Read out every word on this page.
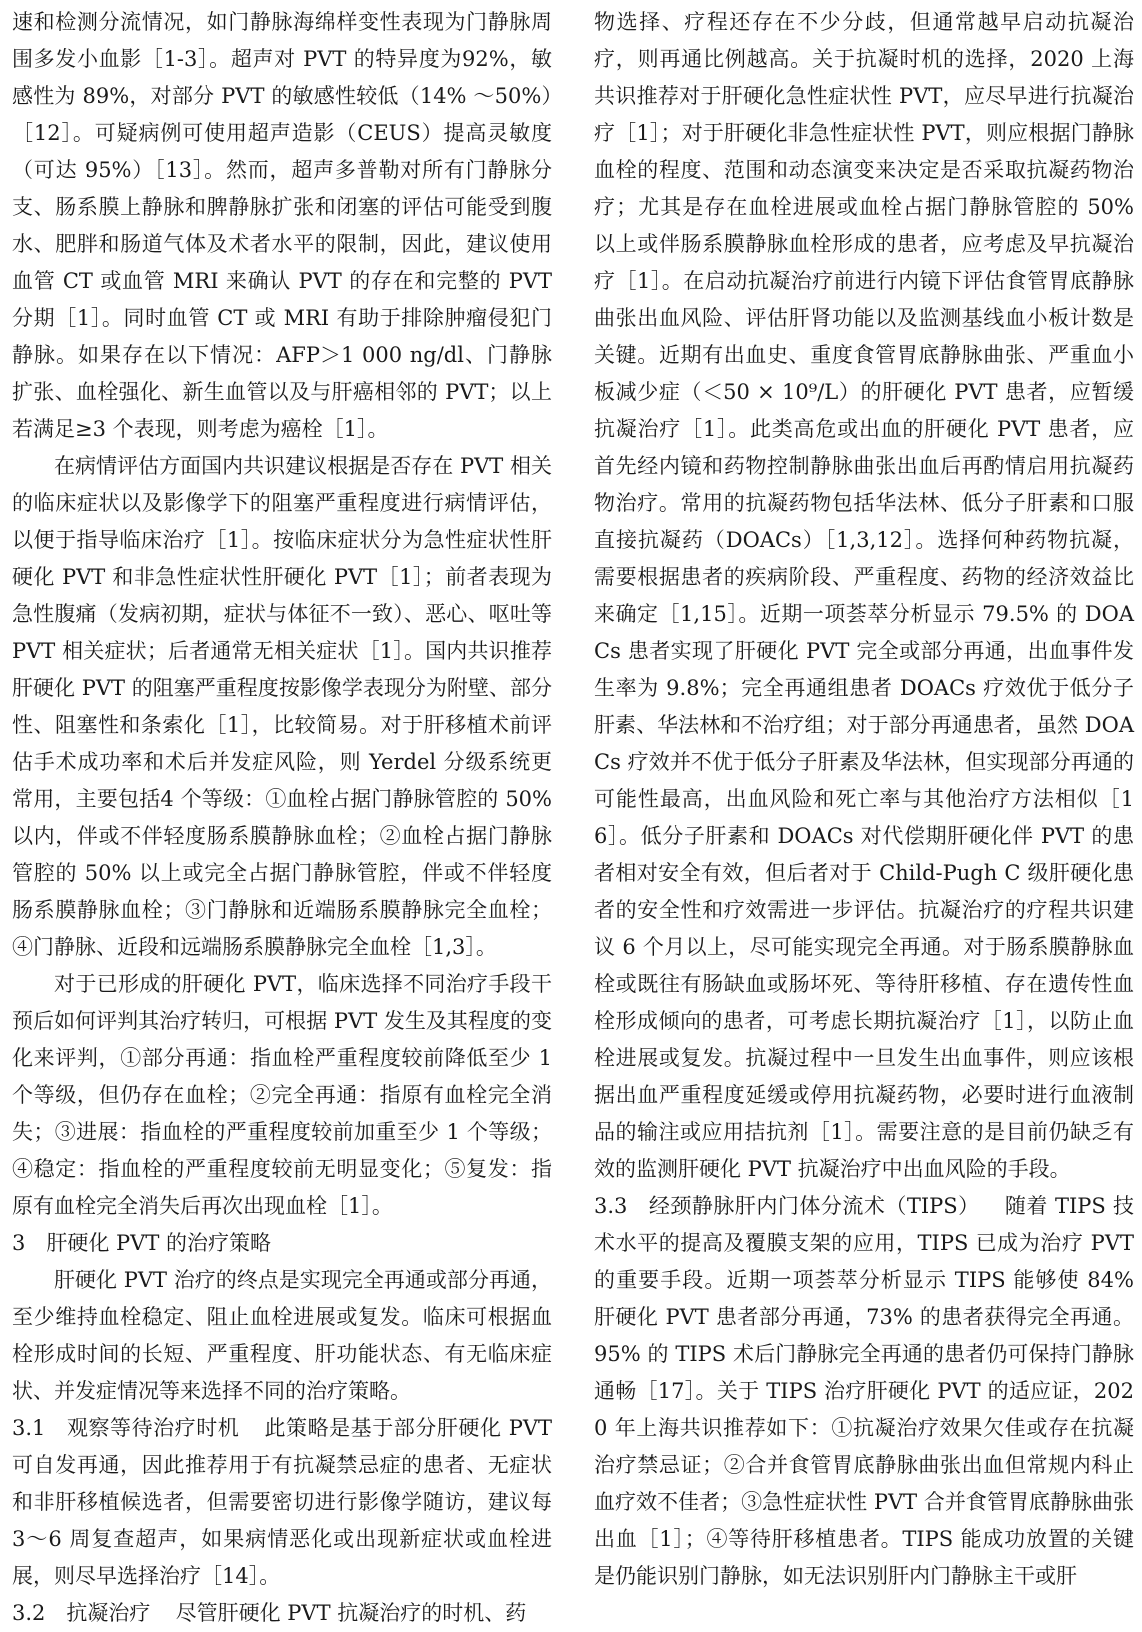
速和检测分流情况，如门静脉海绵样变性表现为门静脉周围多发小血影［1-3］。超声对 PVT 的特异度为92%，敏感性为 89%，对部分 PVT 的敏感性较低（14% ～50%）［12］。可疑病例可使用超声造影（CEUS）提高灵敏度（可达 95%）［13］。然而，超声多普勒对所有门静脉分支、肠系膜上静脉和脾静脉扩张和闭塞的评估可能受到腹水、肥胖和肠道气体及术者水平的限制，因此，建议使用血管 CT 或血管 MRI 来确认 PVT 的存在和完整的 PVT 分期［1］。同时血管 CT 或 MRI 有助于排除肿瘤侵犯门静脉。如果存在以下情况：AFP＞1 000 ng/dl、门静脉扩张、血栓强化、新生血管以及与肝癌相邻的 PVT；以上若满足≥3 个表现，则考虑为癌栓［1］。

在病情评估方面国内共识建议根据是否存在 PVT 相关的临床症状以及影像学下的阻塞严重程度进行病情评估，以便于指导临床治疗［1］。按临床症状分为急性症状性肝硬化 PVT 和非急性症状性肝硬化 PVT［1］；前者表现为急性腹痛（发病初期，症状与体征不一致）、恶心、呕吐等 PVT 相关症状；后者通常无相关症状［1］。国内共识推荐肝硬化 PVT 的阻塞严重程度按影像学表现分为附壁、部分性、阻塞性和条索化［1］，比较简易。对于肝移植术前评估手术成功率和术后并发症风险，则 Yerdel 分级系统更常用，主要包括4 个等级：①血栓占据门静脉管腔的 50% 以内，伴或不伴轻度肠系膜静脉血栓；②血栓占据门静脉管腔的 50% 以上或完全占据门静脉管腔，伴或不伴轻度肠系膜静脉血栓；③门静脉和近端肠系膜静脉完全血栓；④门静脉、近段和远端肠系膜静脉完全血栓［1,3］。

对于已形成的肝硬化 PVT，临床选择不同治疗手段干预后如何评判其治疗转归，可根据 PVT 发生及其程度的变化来评判，①部分再通：指血栓严重程度较前降低至少 1 个等级，但仍存在血栓；②完全再通：指原有血栓完全消失；③进展：指血栓的严重程度较前加重至少 1 个等级；④稳定：指血栓的严重程度较前无明显变化；⑤复发：指原有血栓完全消失后再次出现血栓［1］。

3 肝硬化 PVT 的治疗策略

肝硬化 PVT 治疗的终点是实现完全再通或部分再通，至少维持血栓稳定、阻止血栓进展或复发。临床可根据血栓形成时间的长短、严重程度、肝功能状态、有无临床症状、并发症情况等来选择不同的治疗策略。

3.1 观察等待治疗时机 此策略是基于部分肝硬化 PVT 可自发再通，因此推荐用于有抗凝禁忌症的患者、无症状和非肝移植候选者，但需要密切进行影像学随访，建议每 3～6 周复查超声，如果病情恶化或出现新症状或血栓进展，则尽早选择治疗［14］。

3.2 抗凝治疗 尽管肝硬化 PVT 抗凝治疗的时机、药

物选择、疗程还存在不少分歧，但通常越早启动抗凝治疗，则再通比例越高。关于抗凝时机的选择，2020 上海共识推荐对于肝硬化急性症状性 PVT，应尽早进行抗凝治疗［1］；对于肝硬化非急性症状性 PVT，则应根据门静脉血栓的程度、范围和动态演变来决定是否采取抗凝药物治疗；尤其是存在血栓进展或血栓占据门静脉管腔的 50% 以上或伴肠系膜静脉血栓形成的患者，应考虑及早抗凝治疗［1］。在启动抗凝治疗前进行内镜下评估食管胃底静脉曲张出血风险、评估肝肾功能以及监测基线血小板计数是关键。近期有出血史、重度食管胃底静脉曲张、严重血小板减少症（＜50 × 10⁹/L）的肝硬化 PVT 患者，应暂缓抗凝治疗［1］。此类高危或出血的肝硬化 PVT 患者，应首先经内镜和药物控制静脉曲张出血后再酌情启用抗凝药物治疗。常用的抗凝药物包括华法林、低分子肝素和口服直接抗凝药（DOACs）［1,3,12］。选择何种药物抗凝，需要根据患者的疾病阶段、严重程度、药物的经济效益比来确定［1,15］。近期一项荟萃分析显示 79.5% 的 DOACs 患者实现了肝硬化 PVT 完全或部分再通，出血事件发生率为 9.8%；完全再通组患者 DOACs 疗效优于低分子肝素、华法林和不治疗组；对于部分再通患者，虽然 DOACs 疗效并不优于低分子肝素及华法林，但实现部分再通的可能性最高，出血风险和死亡率与其他治疗方法相似［16］。低分子肝素和 DOACs 对代偿期肝硬化伴 PVT 的患者相对安全有效，但后者对于 Child-Pugh C 级肝硬化患者的安全性和疗效需进一步评估。抗凝治疗的疗程共识建议 6 个月以上，尽可能实现完全再通。对于肠系膜静脉血栓或既往有肠缺血或肠坏死、等待肝移植、存在遗传性血栓形成倾向的患者，可考虑长期抗凝治疗［1］，以防止血栓进展或复发。抗凝过程中一旦发生出血事件，则应该根据出血严重程度延缓或停用抗凝药物，必要时进行血液制品的输注或应用拮抗剂［1］。需要注意的是目前仍缺乏有效的监测肝硬化 PVT 抗凝治疗中出血风险的手段。

3.3 经颈静脉肝内门体分流术（TIPS） 随着 TIPS 技术水平的提高及覆膜支架的应用，TIPS 已成为治疗 PVT 的重要手段。近期一项荟萃分析显示 TIPS 能够使 84% 肝硬化 PVT 患者部分再通，73% 的患者获得完全再通。95% 的 TIPS 术后门静脉完全再通的患者仍可保持门静脉通畅［17］。关于 TIPS 治疗肝硬化 PVT 的适应证，2020 年上海共识推荐如下：①抗凝治疗效果欠佳或存在抗凝治疗禁忌证；②合并食管胃底静脉曲张出血但常规内科止血疗效不佳者；③急性症状性 PVT 合并食管胃底静脉曲张出血［1］；④等待肝移植患者。TIPS 能成功放置的关键是仍能识别门静脉，如无法识别肝内门静脉主干或肝
